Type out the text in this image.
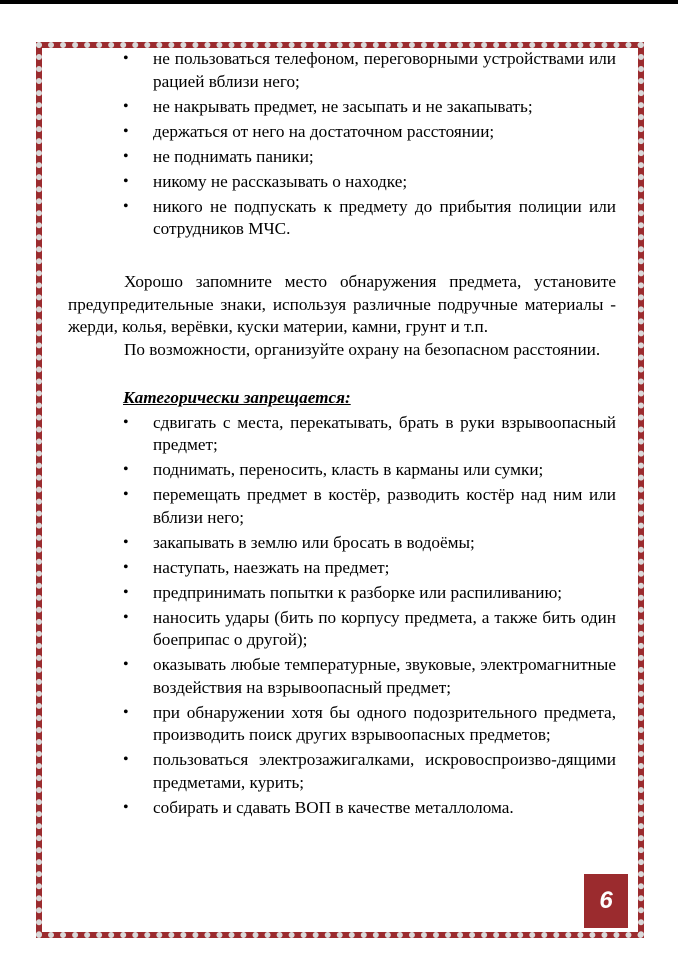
• не пользоваться телефоном, переговорными устройствами или рацией вблизи него;
• не накрывать предмет, не засыпать и не закапывать;
• держаться от него на достаточном расстоянии;
• не поднимать паники;
• никому не рассказывать о находке;
• никого не подпускать к предмету до прибытия полиции или сотрудников МЧС.

Хорошо запомните место обнаружения предмета, установите предупредительные знаки, используя различные подручные материалы - жерди, колья, верёвки, куски материи, камни, грунт и т.п.

По возможности, организуйте охрану на безопасном расстоянии.

Категорически запрещается:
• сдвигать с места, перекатывать, брать в руки взрывоопасный предмет;
• поднимать, переносить, класть в карманы или сумки;
• перемещать предмет в костёр, разводить костёр над ним или вблизи него;
• закапывать в землю или бросать в водоёмы;
• наступать, наезжать на предмет;
• предпринимать попытки к разборке или распиливанию;
• наносить удары (бить по корпусу предмета, а также бить один боеприпас о другой);
• оказывать любые температурные, звуковые, электромагнитные воздействия на взрывоопасный предмет;
• при обнаружении хотя бы одного подозрительного предмета, производить поиск других взрывоопасных предметов;
• пользоваться электрозажигалками, искровоспроизво-дящими предметами, курить;
• собирать и сдавать ВОП в качестве металлолома.
6
